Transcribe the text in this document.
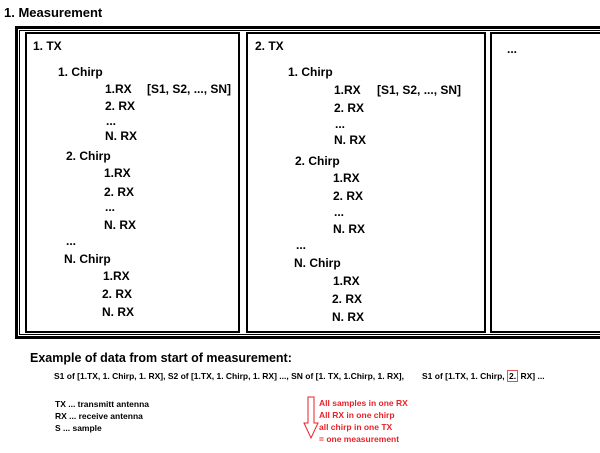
1. Measurement
1. TX
1. Chirp
1.RX [S1, S2, ..., SN]
2. RX
...
N. RX
2. Chirp
1.RX
2. RX
...
N. RX
...
N. Chirp
1.RX
2. RX
N. RX
2. TX
1. Chirp
1.RX [S1, S2, ..., SN]
2. RX
...
N. RX
2. Chirp
1.RX
2. RX
...
N. RX
...
N. Chirp
1.RX
2. RX
N. RX
...
Example of data from start of measurement:
S1 of [1.TX, 1. Chirp, 1. RX], S2 of [1.TX, 1. Chirp, 1. RX] ..., SN of [1. TX, 1.Chirp, 1. RX], S1 of [1.TX, 1. Chirp, 2. RX] ...
TX ... transmitt antenna
RX ... receive antenna
S ... sample
All samples in one RX
All RX in one chirp
all chirp in one TX
= one measurement
